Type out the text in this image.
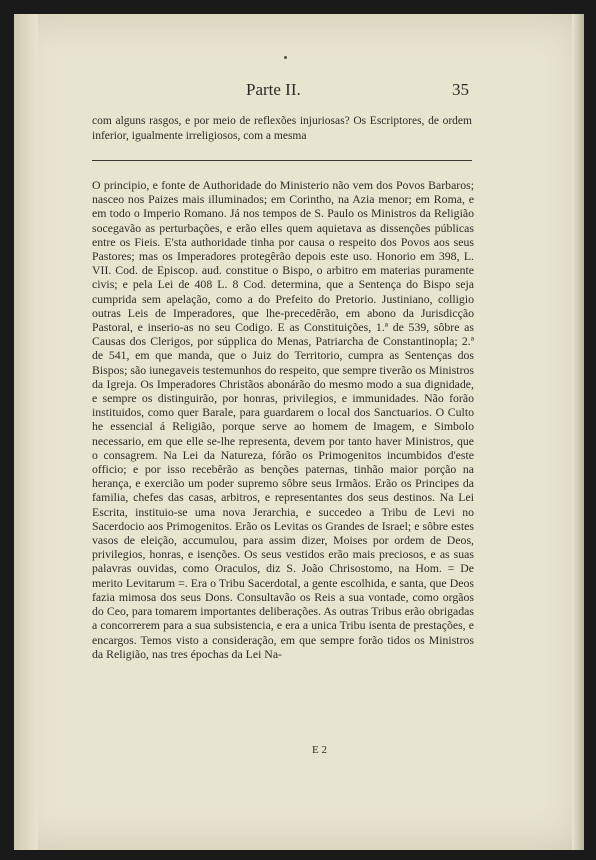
Parte II.	35
com alguns rasgos, e por meio de reflexões injuriosas? Os Escriptores, de ordem inferior, igualmente irreligiosos, com a mesma
O principio, e fonte de Authoridade do Ministerio não vem dos Povos Barbaros; nasceo nos Paizes mais illuminados; em Corintho, na Azia menor; em Roma, e em todo o Imperio Romano. Já nos tempos de S. Paulo os Ministros da Religião socegavão as perturbações, e erão elles quem aquietava as dissenções públicas entre os Fieis. E'sta authoridade tinha por causa o respeito dos Povos aos seus Pastores; mas os Imperadores protegêrão depois este uso. Honorio em 398, L. VII. Cod. de Episcop. aud. constitue o Bispo, o arbitro em materias puramente civis; e pela Lei de 408 L. 8 Cod. determina, que a Sentença do Bispo seja cumprida sem apelação, como a do Prefeito do Pretorio. Justiniano, colligio outras Leis de Imperadores, que lhe-precedêrão, em abono da Jurisdicção Pastoral, e inserio-as no seu Codigo. E as Constituições, 1.ª de 539, sôbre as Causas dos Clerigos, por súpplica do Menas, Patriarcha de Constantinopla; 2.ª de 541, em que manda, que o Juiz do Territorio, cumpra as Sentenças dos Bispos; são iunegaveis testemunhos do respeito, que sempre tiverão os Ministros da Igreja. Os Imperadores Christãos abonárão do mesmo modo a sua dignidade, e sempre os distinguirão, por honras, privilegios, e immunidades. Não forão instituidos, como quer Barale, para guardarem o local dos Sanctuarios. O Culto he essencial á Religião, porque serve ao homem de Imagem, e Simbolo necessario, em que elle se-lhe representa, devem por tanto haver Ministros, que o consagrem. Na Lei da Natureza, fórão os Primogenitos incumbidos d'este officio; e por isso recebêrão as benções paternas, tinhão maior porção na herança, e exercião um poder supremo sôbre seus Irmãos. Erão os Principes da familia, chefes das casas, arbitros, e representantes dos seus destinos. Na Lei Escrita, instituio-se uma nova Jerarchia, e succedeo a Tribu de Levi no Sacerdocio aos Primogenitos. Erão os Levitas os Grandes de Israel; e sôbre estes vasos de eleição, accumulou, para assim dizer, Moises por ordem de Deos, privilegios, honras, e isenções. Os seus vestidos erão mais preciosos, e as suas palavras ouvidas, como Oraculos, diz S. João Chrisostomo, na Hom. = De merito Levitarum =. Era o Tribu Sacerdotal, a gente escolhida, e santa, que Deos fazia mimosa dos seus Dons. Consultavão os Reis a sua vontade, como orgãos do Ceo, para tomarem importantes deliberações. As outras Tribus erão obrigadas a concorrerem para a sua subsistencia, e era a unica Tribu isenta de prestações, e encargos. Temos visto a consideração, em que sempre forão tidos os Ministros da Religião, nas tres épochas da Lei Na-
E 2
